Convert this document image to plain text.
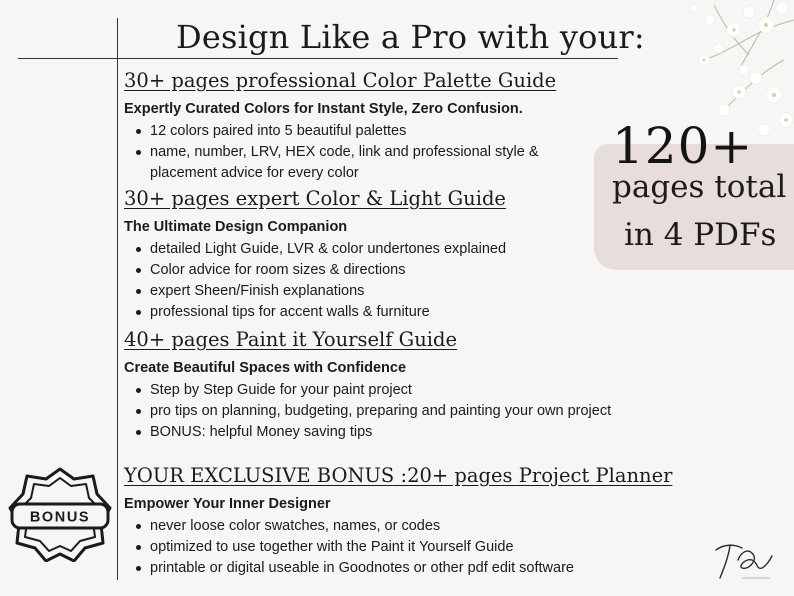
Design Like a Pro with your:
30+ pages professional Color Palette Guide
Expertly Curated Colors for Instant Style, Zero Confusion.
12 colors paired into 5 beautiful palettes
name, number, LRV, HEX code, link and professional style & placement advice for every color
30+ pages expert Color & Light Guide
The Ultimate Design Companion
detailed Light Guide, LVR & color undertones explained
Color advice for room sizes & directions
expert Sheen/Finish explanations
professional tips for accent walls & furniture
40+ pages Paint it Yourself Guide
Create Beautiful Spaces with Confidence
Step by Step Guide for your paint project
pro tips on planning, budgeting, preparing and painting your own project
BONUS: helpful Money saving tips
YOUR EXCLUSIVE BONUS :20+ pages Project Planner
Empower Your Inner Designer
never loose color swatches, names, or codes
optimized to use together with the Paint it Yourself Guide
printable or digital useable in Goodnotes or other pdf edit software
120+
pages total
in 4 PDFs
BONUS
